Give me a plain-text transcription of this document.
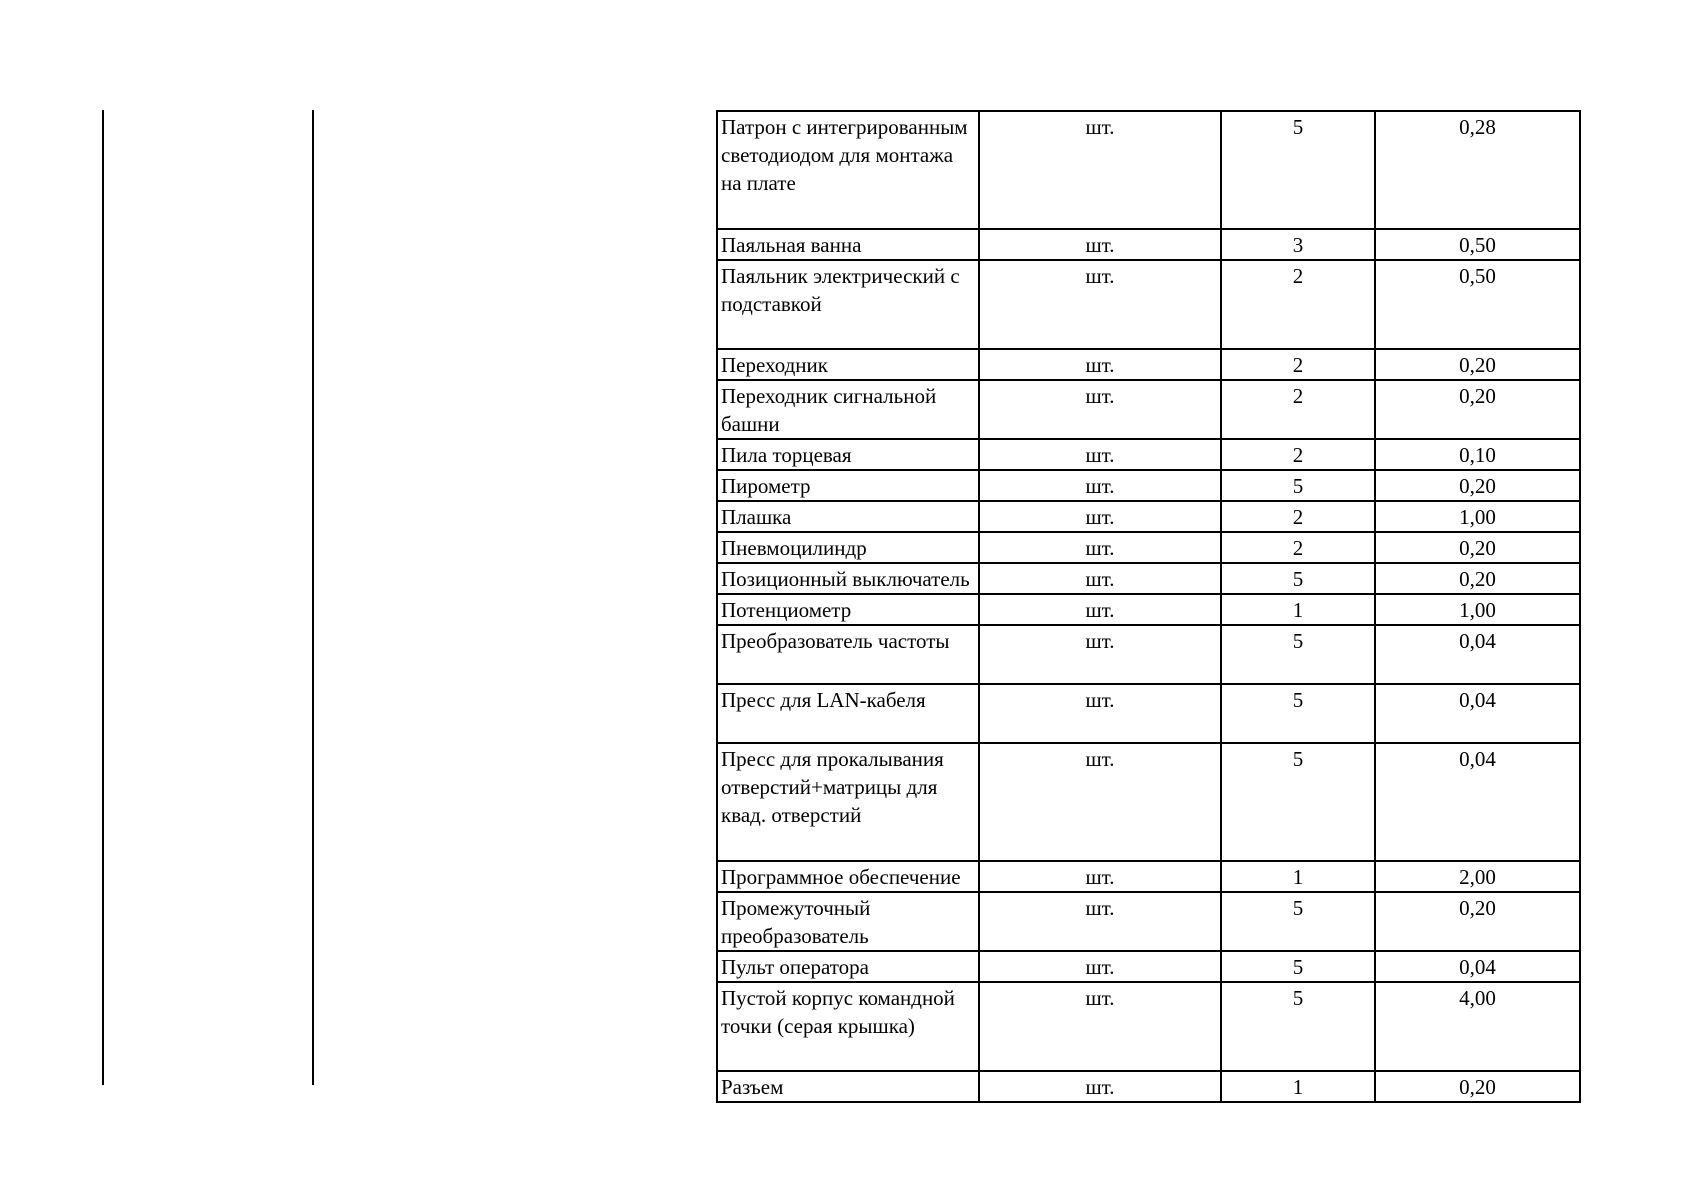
Патрон с интегрированным светодиодом для монтажа на плате	шт.	5	0,28
Паяльная ванна	шт.	3	0,50
Паяльник электрический с подставкой	шт.	2	0,50
Переходник	шт.	2	0,20
Переходник сигнальной башни	шт.	2	0,20
Пила торцевая	шт.	2	0,10
Пирометр	шт.	5	0,20
Плашка	шт.	2	1,00
Пневмоцилиндр	шт.	2	0,20
Позиционный выключатель	шт.	5	0,20
Потенциометр	шт.	1	1,00
Преобразователь частоты	шт.	5	0,04
Пресс для LAN-кабеля	шт.	5	0,04
Пресс для прокалывания отверстий+матрицы для квад. отверстий	шт.	5	0,04
Программное обеспечение	шт.	1	2,00
Промежуточный преобразователь	шт.	5	0,20
Пульт оператора	шт.	5	0,04
Пустой корпус командной точки (серая крышка)	шт.	5	4,00
Разъем	шт.	1	0,20
